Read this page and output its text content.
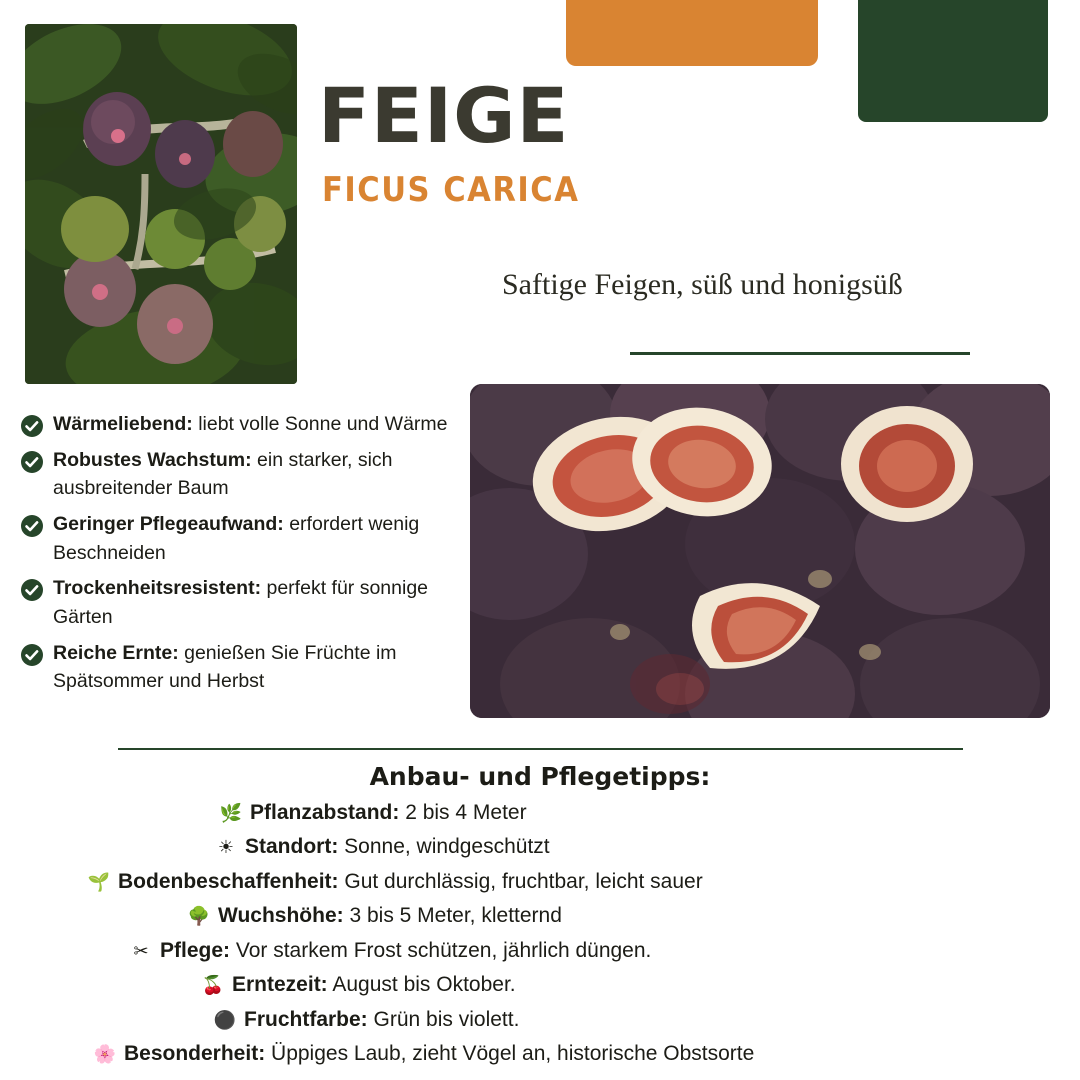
FEIGE
FICUS CARICA
Saftige Feigen, süß und honigsüß
Wärmeliebend: liebt volle Sonne und Wärme
Robustes Wachstum: ein starker, sich ausbreitender Baum
Geringer Pflegeaufwand: erfordert wenig Beschneiden
Trockenheitsresistent: perfekt für sonnige Gärten
Reiche Ernte: genießen Sie Früchte im Spätsommer und Herbst
Anbau- und Pflegetipps:
🌿 Pflanzabstand: 2 bis 4 Meter
☀ Standort: Sonne, windgeschützt
🌱 Bodenbeschaffenheit: Gut durchlässig, fruchtbar, leicht sauer
🌳 Wuchshöhe: 3 bis 5 Meter, kletternd
✂ Pflege: Vor starkem Frost schützen, jährlich düngen.
🍒 Erntezeit: August bis Oktober.
⚫ Fruchtfarbe: Grün bis violett.
🌸 Besonderheit: Üppiges Laub, zieht Vögel an, historische Obstsorte
